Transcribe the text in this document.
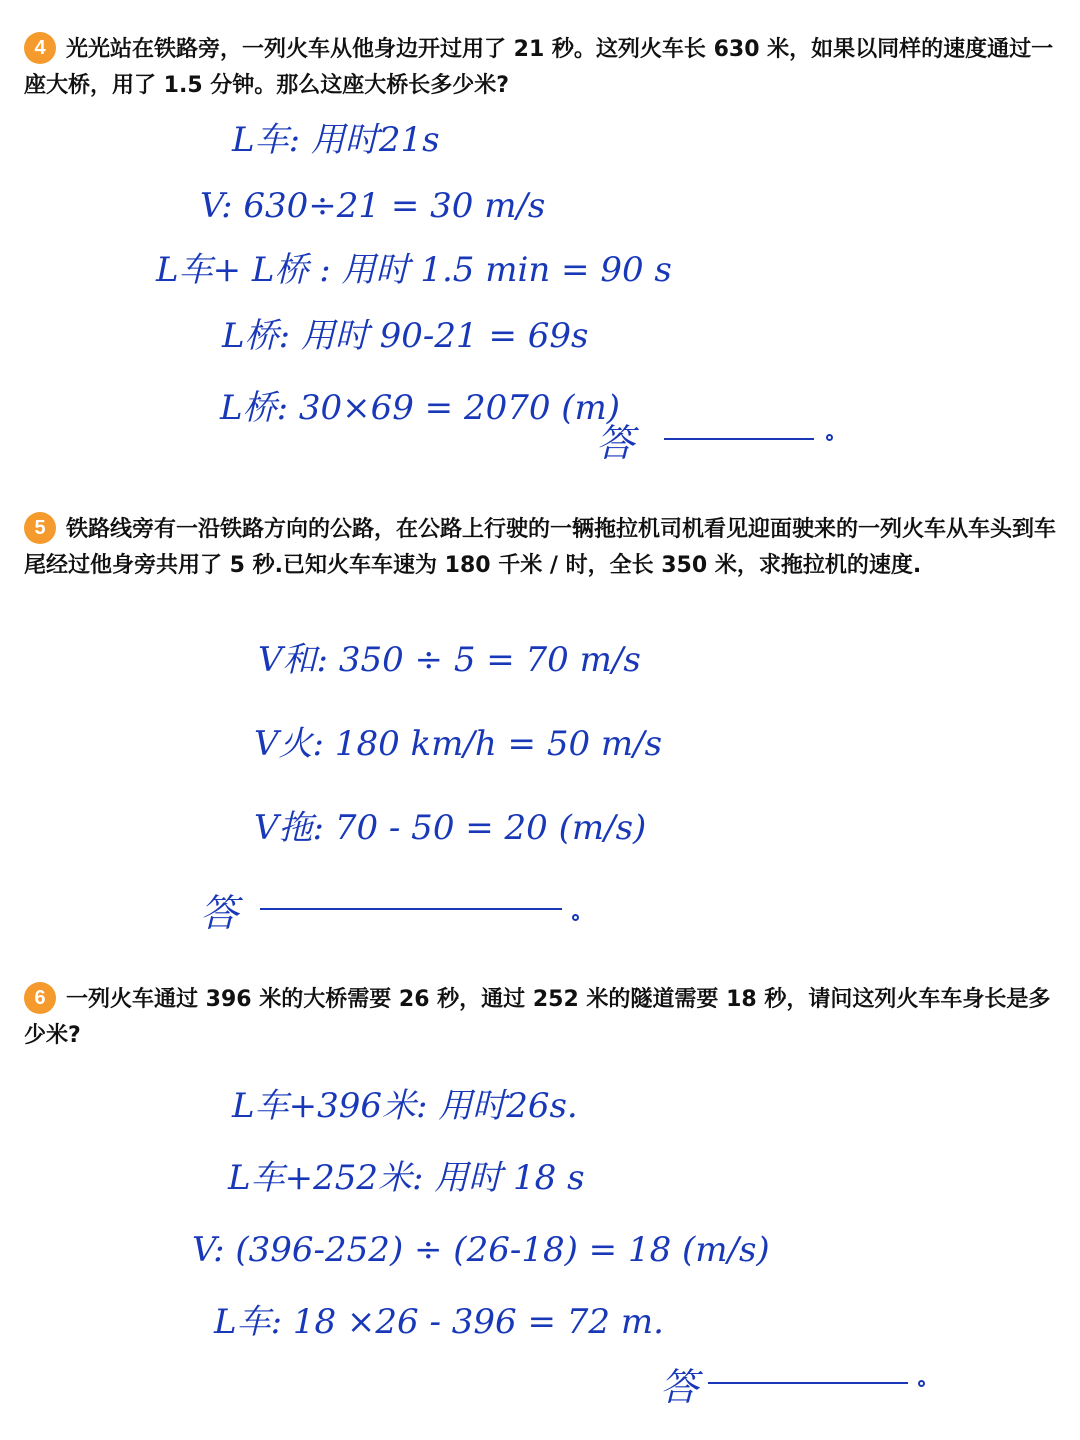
4 光光站在铁路旁，一列火车从他身边开过用了 21 秒。这列火车长 630 米，如果以同样的速度通过一座大桥，用了 1.5 分钟。那么这座大桥长多少米?
L车: 用时21s
V: 630÷21 = 30 m/s
L车+ L桥 : 用时 1.5 min = 90 s
L桥: 用时 90-21 = 69s
L桥: 30×69 = 2070 (m)
答
5 铁路线旁有一沿铁路方向的公路，在公路上行驶的一辆拖拉机司机看见迎面驶来的一列火车从车头到车尾经过他身旁共用了 5 秒.已知火车车速为 180 千米 / 时，全长 350 米，求拖拉机的速度.
V和: 350 ÷ 5 = 70 m/s
V火: 180 km/h = 50 m/s
V拖: 70 - 50 = 20 (m/s)
答
6 一列火车通过 396 米的大桥需要 26 秒，通过 252 米的隧道需要 18 秒，请问这列火车车身长是多少米?
L车+396米: 用时26s.
L车+252米: 用时 18 s
V: (396-252) ÷ (26-18) = 18 (m/s)
L车: 18 ×26 - 396 = 72 m.
答
